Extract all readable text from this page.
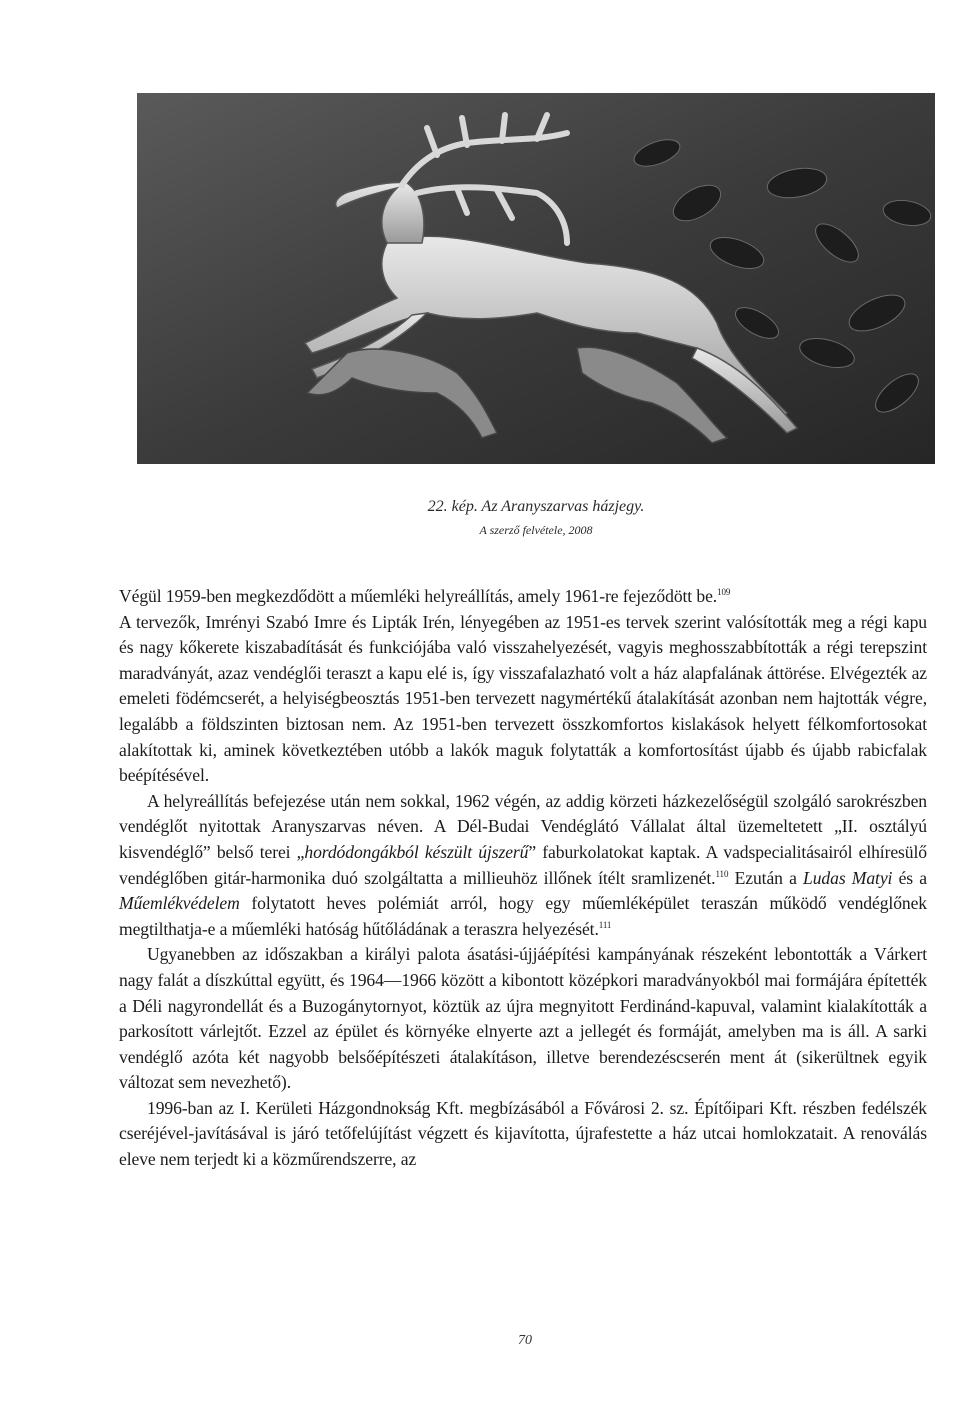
22. kép. Az Aranyszarvas házjegy.
A szerző felvétele, 2008

Végül 1959-ben megkezdődött a műemléki helyreállítás, amely 1961-re fejeződött be.$^{109}$

A tervezők, Imrényi Szabó Imre és Lipták Irén, lényegében az 1951-es tervek szerint valósították meg a régi kapu és nagy kőkerete kiszabadítását és funkciójába való visszahelyezését, vagyis meghosszabbították a régi terepszint maradványát, azaz vendéglői teraszt a kapu elé is, így visszafalazható volt a ház alapfalának áttörése. Elvégezték az emeleti födémcserét, a helyiségbeosztás 1951-ben tervezett nagymértékű átalakítását azonban nem hajtották végre, legalább a földszinten biztosan nem. Az 1951-ben tervezett összkomfortos kislakások helyett félkomfortosokat alakítottak ki, aminek következtében utóbb a lakók maguk folytatták a komfortosítást újabb és újabb rabicfalak beépítésével.

A helyreállítás befejezése után nem sokkal, 1962 végén, az addig körzeti házkezelőségül szolgáló sarokrészben vendéglőt nyitottak Aranyszarvas néven. A Dél-Budai Vendéglátó Vállalat által üzemeltetett „II. osztályú kisvendéglő” belső terei „hordódongákból készült újszerű” faburkolatokat kaptak. A vadspecialitásairól elhíresülő vendéglőben gitár-harmonika duó szolgáltatta a millieuhöz illőnek ítélt sramlizenét.$^{110}$ Ezután a Ludas Matyi és a Műemlékvédelem folytatott heves polémiát arról, hogy egy műemléképület teraszán működő vendéglőnek megtilthatja-e a műemléki hatóság hűtőládának a teraszra helyezését.$^{111}$

Ugyanebben az időszakban a királyi palota ásatási-újjáépítési kampányának részeként lebontották a Várkert nagy falát a díszkúttal együtt, és 1964—1966 között a kibontott középkori maradványokból mai formájára építették a Déli nagyrondellát és a Buzogánytornyot, köztük az újra megnyitott Ferdinánd-kapuval, valamint kialakították a parkosított várlejtőt. Ezzel az épület és környéke elnyerte azt a jellegét és formáját, amelyben ma is áll. A sarki vendéglő azóta két nagyobb belsőépítészeti átalakításon, illetve berendezéscserén ment át (sikerültnek egyik változat sem nevezhető).

1996-ban az I. Kerületi Házgondnokság Kft. megbízásából a Fővárosi 2. sz. Építőipari Kft. részben fedélszék cseréjével-javításával is járó tetőfelújítást végzett és kijavította, újrafestette a ház utcai homlokzatait. A renoválás eleve nem terjedt ki a közműrendszerre, az

70
